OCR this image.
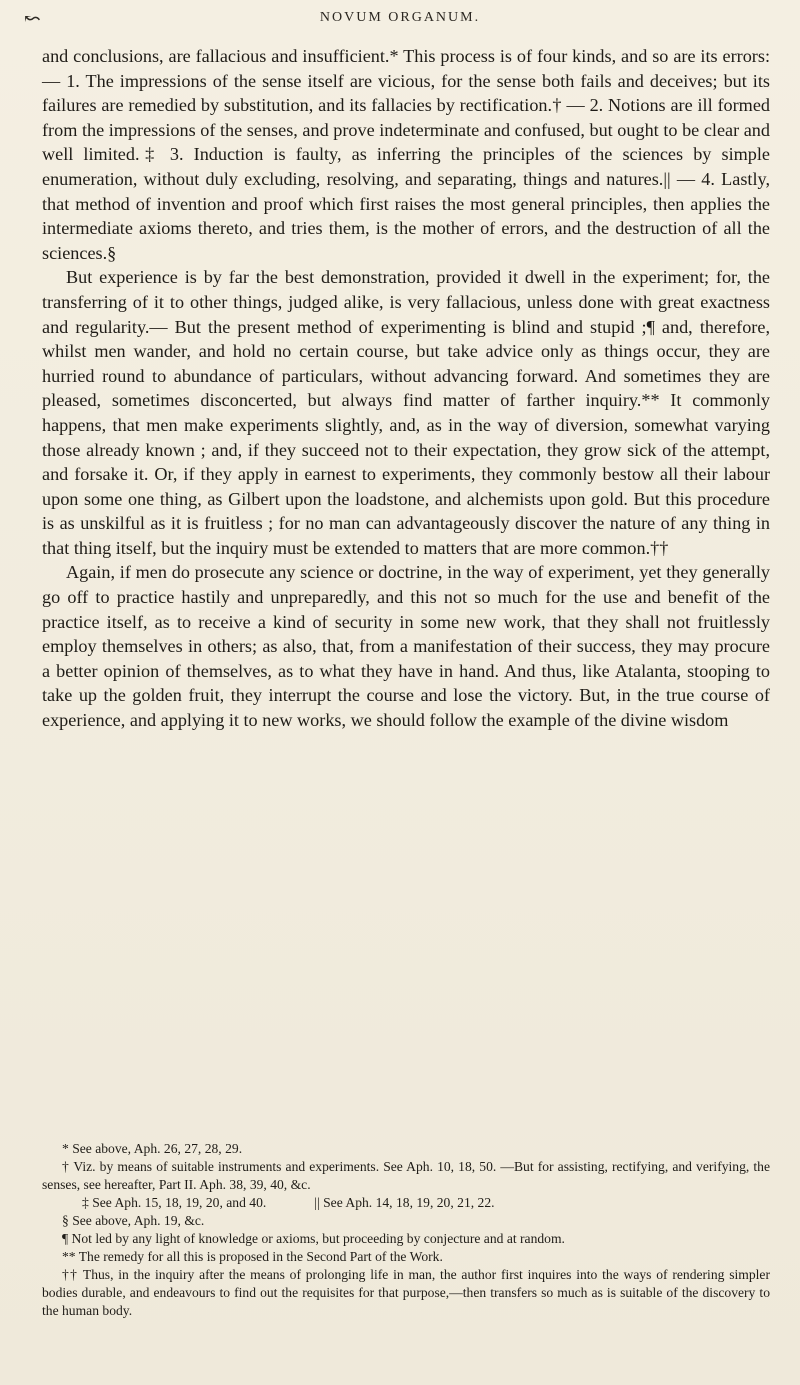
↜	NOVUM ORGANUM.

and conclusions, are fallacious and insufficient.* This process is of four kinds, and so are its errors: — 1. The impressions of the sense itself are vicious, for the sense both fails and deceives; but its failures are remedied by substitution, and its fallacies by rectification.† — 2. Notions are ill formed from the impressions of the senses, and prove indeterminate and confused, but ought to be clear and well limited.‡ 3. Induction is faulty, as inferring the principles of the sciences by simple enumeration, without duly excluding, resolving, and separating, things and natures.|| — 4. Lastly, that method of invention and proof which first raises the most general principles, then applies the intermediate axioms thereto, and tries them, is the mother of errors, and the destruction of all the sciences.§

But experience is by far the best demonstration, provided it dwell in the experiment; for, the transferring of it to other things, judged alike, is very fallacious, unless done with great exactness and regularity.— But the present method of experimenting is blind and stupid ;¶ and, therefore, whilst men wander, and hold no certain course, but take advice only as things occur, they are hurried round to abundance of particulars, without advancing forward. And sometimes they are pleased, sometimes disconcerted, but always find matter of farther inquiry.** It commonly happens, that men make experiments slightly, and, as in the way of diversion, somewhat varying those already known ; and, if they succeed not to their expectation, they grow sick of the attempt, and forsake it. Or, if they apply in earnest to experiments, they commonly bestow all their labour upon some one thing, as Gilbert upon the loadstone, and alchemists upon gold. But this procedure is as unskilful as it is fruitless ; for no man can advantageously discover the nature of any thing in that thing itself, but the inquiry must be extended to matters that are more common.††

Again, if men do prosecute any science or doctrine, in the way of experiment, yet they generally go off to practice hastily and unpreparedly, and this not so much for the use and benefit of the practice itself, as to receive a kind of security in some new work, that they shall not fruitlessly employ themselves in others; as also, that, from a manifestation of their success, they may procure a better opinion of themselves, as to what they have in hand. And thus, like Atalanta, stooping to take up the golden fruit, they interrupt the course and lose the victory. But, in the true course of experience, and applying it to new works, we should follow the example of the divine wisdom

* See above, Aph. 26, 27, 28, 29.

† Viz. by means of suitable instruments and experiments. See Aph. 10, 18, 50. —But for assisting, rectifying, and verifying, the senses, see hereafter, Part II. Aph. 38, 39, 40, &c.

‡ See Aph. 15, 18, 19, 20, and 40.	|| See Aph. 14, 18, 19, 20, 21, 22.

§ See above, Aph. 19, &c.

¶ Not led by any light of knowledge or axioms, but proceeding by conjecture and at random.

** The remedy for all this is proposed in the Second Part of the Work.

†† Thus, in the inquiry after the means of prolonging life in man, the author first inquires into the ways of rendering simpler bodies durable, and endeavours to find out the requisites for that purpose,—then transfers so much as is suitable of the discovery to the human body.
